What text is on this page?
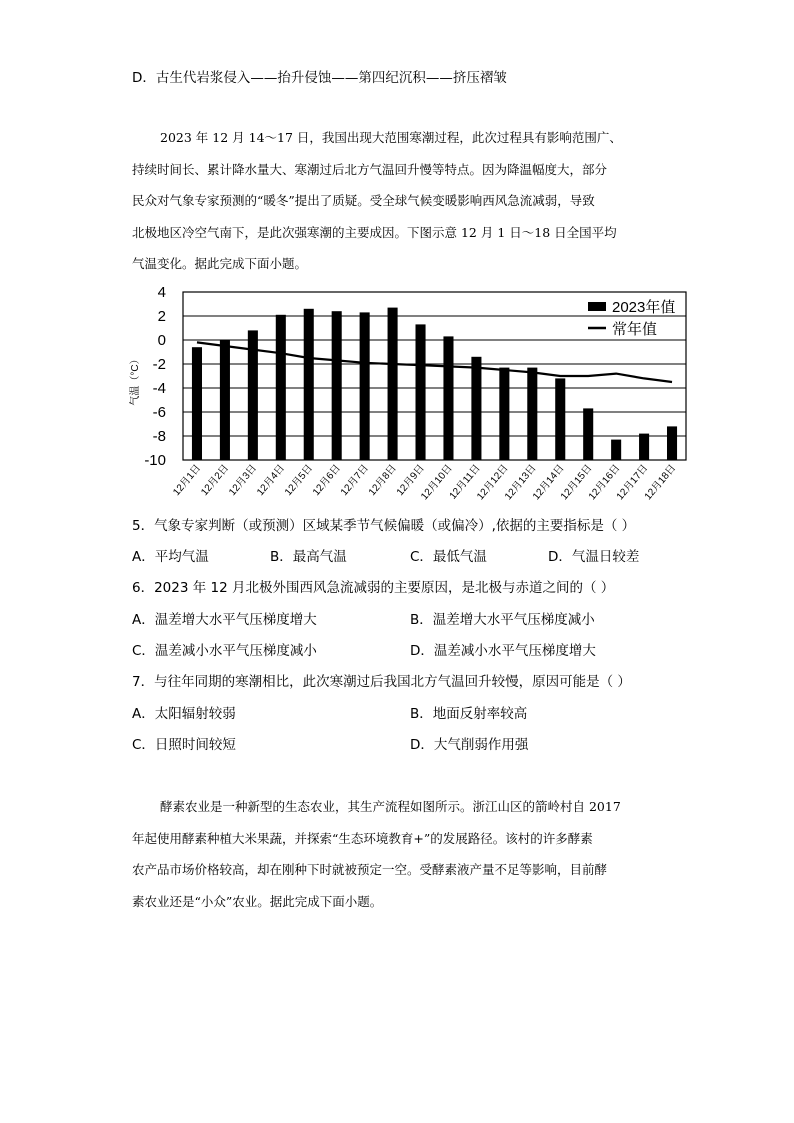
D．古生代岩浆侵入——抬升侵蚀——第四纪沉积——挤压褶皱
2023 年 12 月 14～17 日，我国出现大范围寒潮过程，此次过程具有影响范围广、
持续时间长、累计降水量大、寒潮过后北方气温回升慢等特点。因为降温幅度大，部分
民众对气象专家预测的“暖冬”提出了质疑。受全球气候变暖影响西风急流减弱，导致
北极地区冷空气南下，是此次强寒潮的主要成因。下图示意 12 月 1 日～18 日全国平均
气温变化。据此完成下面小题。
4
2
0
-2
-4
-6
-8
-10
气温（°C）
12月1日
12月2日
12月3日
12月4日
12月5日
12月6日
12月7日
12月8日
12月9日
12月10日
12月11日
12月12日
12月13日
12月14日
12月15日
12月16日
12月17日
12月18日
2023年值
常年值
5．气象专家判断（或预测）区域某季节气候偏暖（或偏冷）,依据的主要指标是（ ）
A．平均气温	B．最高气温	C．最低气温	D．气温日较差
6．2023 年 12 月北极外围西风急流减弱的主要原因，是北极与赤道之间的（ ）
A．温差增大水平气压梯度增大	B．温差增大水平气压梯度减小
C．温差减小水平气压梯度减小	D．温差减小水平气压梯度增大
7．与往年同期的寒潮相比，此次寒潮过后我国北方气温回升较慢，原因可能是（ ）
A．太阳辐射较弱	B．地面反射率较高
C．日照时间较短	D．大气削弱作用强
酵素农业是一种新型的生态农业，其生产流程如图所示。浙江山区的箭岭村自 2017
年起使用酵素种植大米果蔬，并探索“生态环境教育+”的发展路径。该村的许多酵素
农产品市场价格较高，却在刚种下时就被预定一空。受酵素液产量不足等影响，目前酵
素农业还是“小众”农业。据此完成下面小题。
